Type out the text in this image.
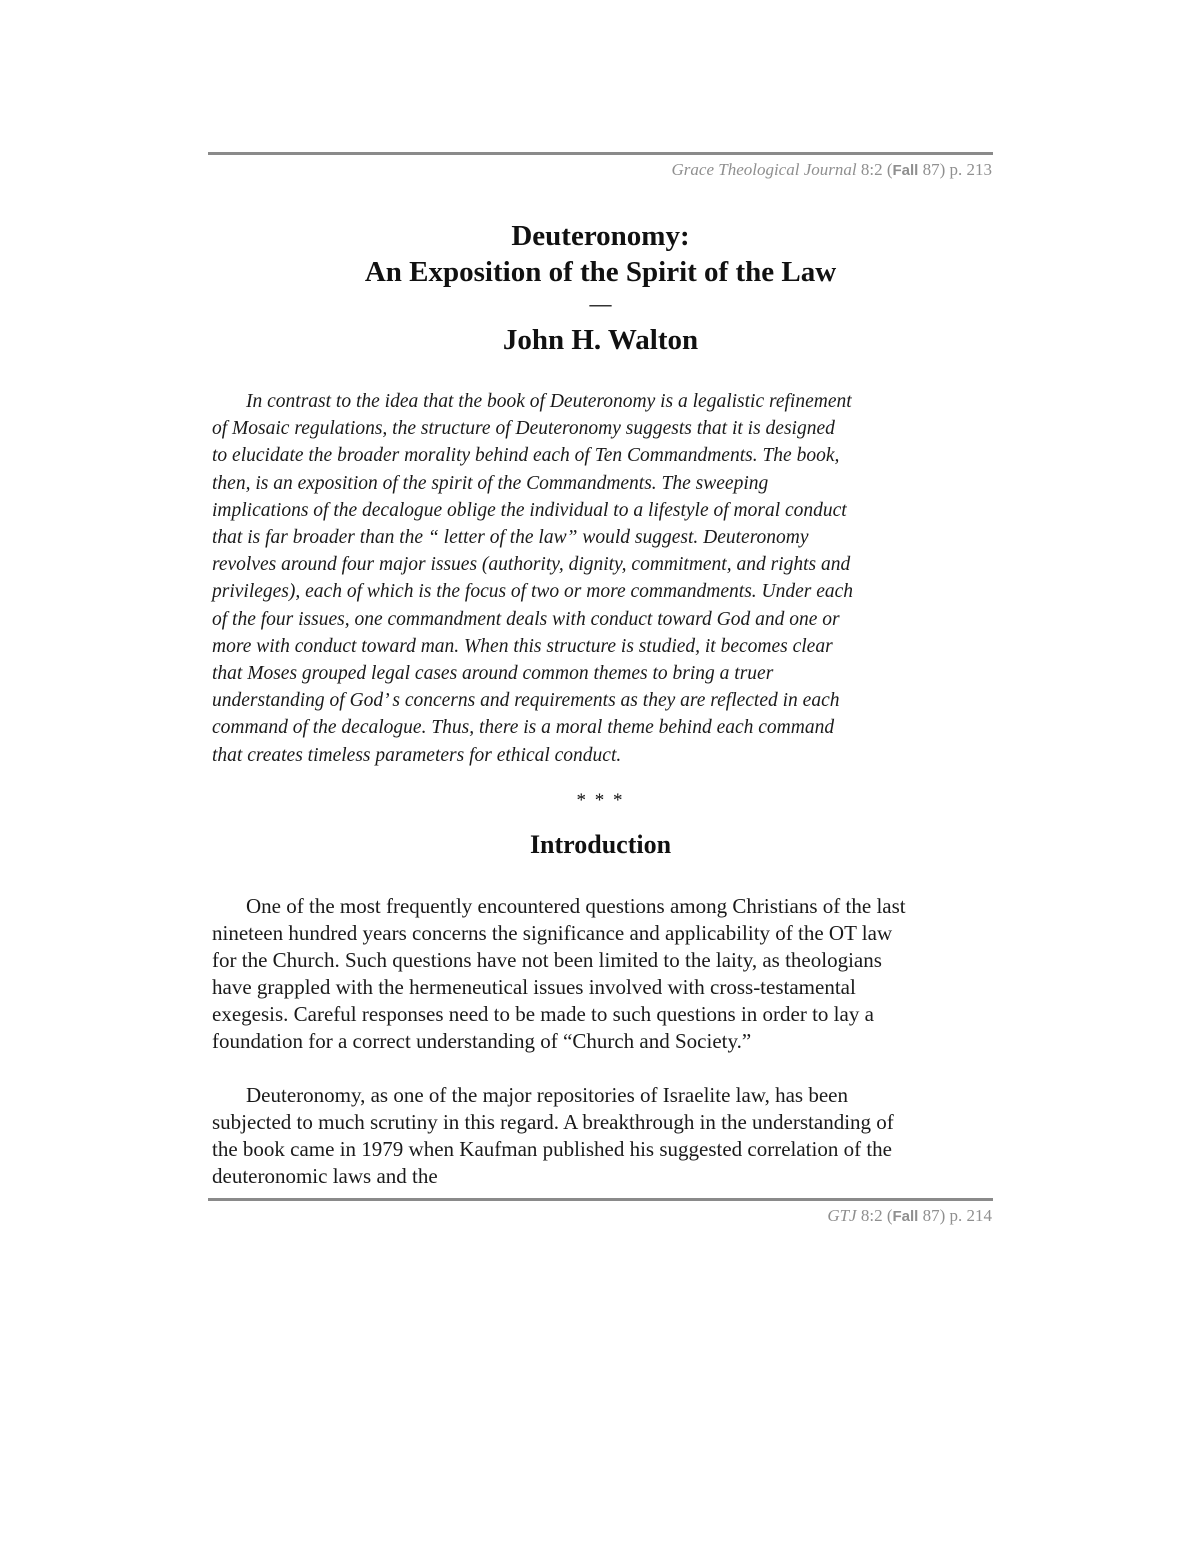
Grace Theological Journal 8:2 (Fall 87) p. 213
Deuteronomy:
An Exposition of the Spirit of the Law
—
John H. Walton
In contrast to the idea that the book of Deuteronomy is a legalistic refinement
of Mosaic regulations, the structure of Deuteronomy suggests that it is designed
to elucidate the broader morality behind each of Ten Commandments. The book,
then, is an exposition of the spirit of the Commandments. The sweeping
implications of the decalogue oblige the individual to a lifestyle of moral conduct
that is far broader than the “ letter of the law” would suggest. Deuteronomy
revolves around four major issues (authority, dignity, commitment, and rights and
privileges), each of which is the focus of two or more commandments. Under each
of the four issues, one commandment deals with conduct toward God and one or
more with conduct toward man. When this structure is studied, it becomes clear
that Moses grouped legal cases around common themes to bring a truer
understanding of God’ s concerns and requirements as they are reflected in each
command of the decalogue. Thus, there is a moral theme behind each command
that creates timeless parameters for ethical conduct.
* * *
Introduction
One of the most frequently encountered questions among Christians of the last
nineteen hundred years concerns the significance and applicability of the OT law
for the Church. Such questions have not been limited to the laity, as theologians
have grappled with the hermeneutical issues involved with cross-testamental
exegesis. Careful responses need to be made to such questions in order to lay a
foundation for a correct understanding of “Church and Society.”
Deuteronomy, as one of the major repositories of Israelite law, has been
subjected to much scrutiny in this regard. A breakthrough in the understanding of
the book came in 1979 when Kaufman published his suggested correlation of the
deuteronomic laws and the
GTJ 8:2 (Fall 87) p. 214
